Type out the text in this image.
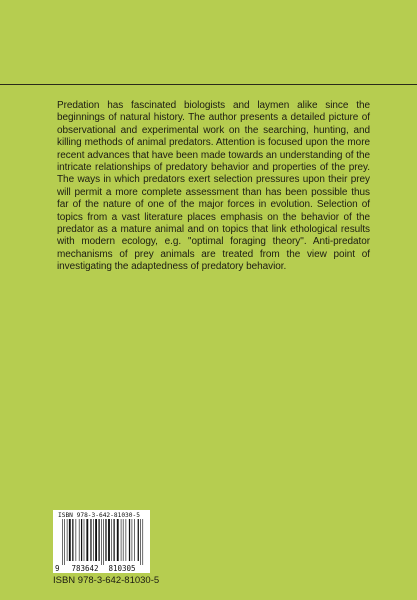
Predation has fascinated biologists and laymen alike since the beginnings of natural history. The author presents a detailed picture of observational and experimental work on the searching, hunting, and killing methods of animal predators. Attention is focused upon the more recent advances that have been made towards an understanding of the intricate relationships of predatory behavior and properties of the prey. The ways in which predators exert selection pressures upon their prey will permit a more complete assessment than has been possible thus far of the nature of one of the major forces in evolution. Selection of topics from a vast literature places emphasis on the behavior of the predator as a mature animal and on topics that link ethological results with modern ecology, e.g. ''optimal foraging theory''. Anti-predator mechanisms of prey animals are treated from the view point of investigating the adaptedness of predatory behavior.

ISBN 978-3-642-81030-5
9 783642 810305
ISBN 978-3-642-81030-5
